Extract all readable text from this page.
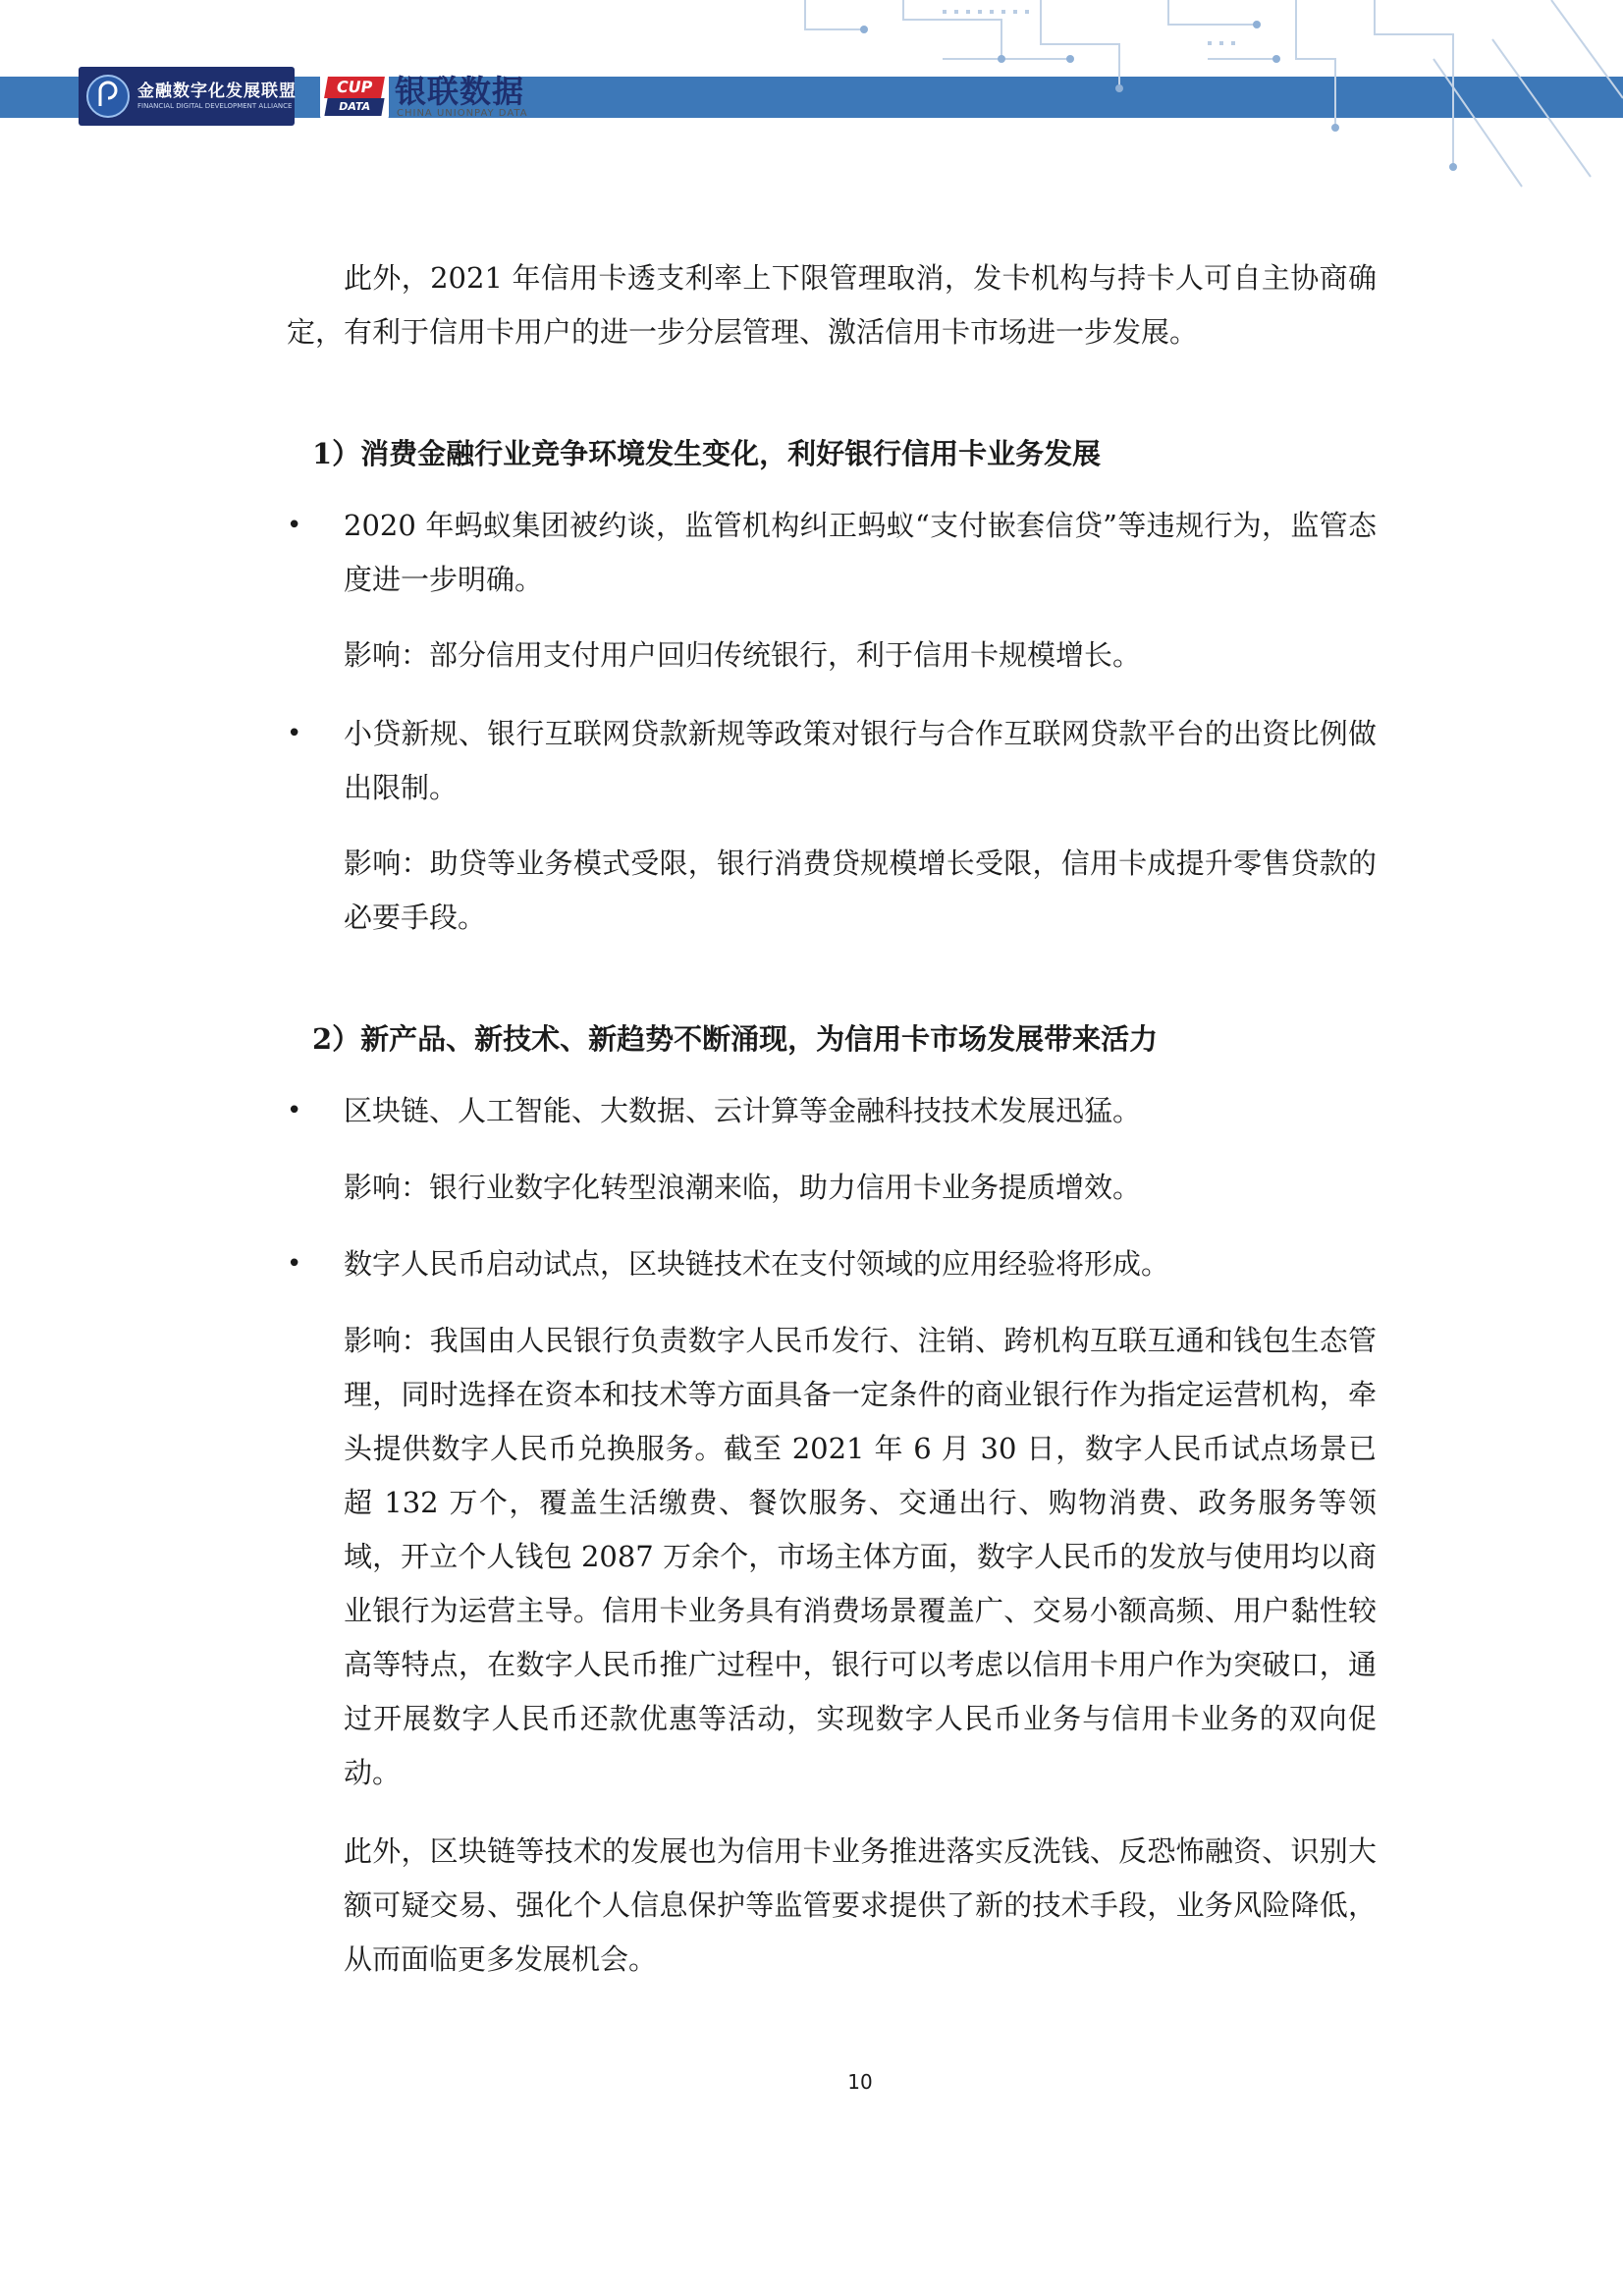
金融数字化发展联盟
FINANCIAL DIGITAL DEVELOPMENT ALLIANCE
CUP
DATA 银联数据
CHINA UNIONPAY DATA
此外，2021 年信用卡透支利率上下限管理取消，发卡机构与持卡人可自主协商确定，有利于信用卡用户的进一步分层管理、激活信用卡市场进一步发展。
1）消费金融行业竞争环境发生变化，利好银行信用卡业务发展
• 2020 年蚂蚁集团被约谈，监管机构纠正蚂蚁“支付嵌套信贷”等违规行为，监管态度进一步明确。
影响：部分信用支付用户回归传统银行，利于信用卡规模增长。
• 小贷新规、银行互联网贷款新规等政策对银行与合作互联网贷款平台的出资比例做出限制。
影响：助贷等业务模式受限，银行消费贷规模增长受限，信用卡成提升零售贷款的必要手段。
2）新产品、新技术、新趋势不断涌现，为信用卡市场发展带来活力
• 区块链、人工智能、大数据、云计算等金融科技技术发展迅猛。
影响：银行业数字化转型浪潮来临，助力信用卡业务提质增效。
• 数字人民币启动试点，区块链技术在支付领域的应用经验将形成。
影响：我国由人民银行负责数字人民币发行、注销、跨机构互联互通和钱包生态管理，同时选择在资本和技术等方面具备一定条件的商业银行作为指定运营机构，牵头提供数字人民币兑换服务。截至 2021 年 6 月 30 日，数字人民币试点场景已超 132 万个，覆盖生活缴费、餐饮服务、交通出行、购物消费、政务服务等领域，开立个人钱包 2087 万余个，市场主体方面，数字人民币的发放与使用均以商业银行为运营主导。信用卡业务具有消费场景覆盖广、交易小额高频、用户黏性较高等特点，在数字人民币推广过程中，银行可以考虑以信用卡用户作为突破口，通过开展数字人民币还款优惠等活动，实现数字人民币业务与信用卡业务的双向促动。
此外，区块链等技术的发展也为信用卡业务推进落实反洗钱、反恐怖融资、识别大额可疑交易、强化个人信息保护等监管要求提供了新的技术手段，业务风险降低，从而面临更多发展机会。
10
